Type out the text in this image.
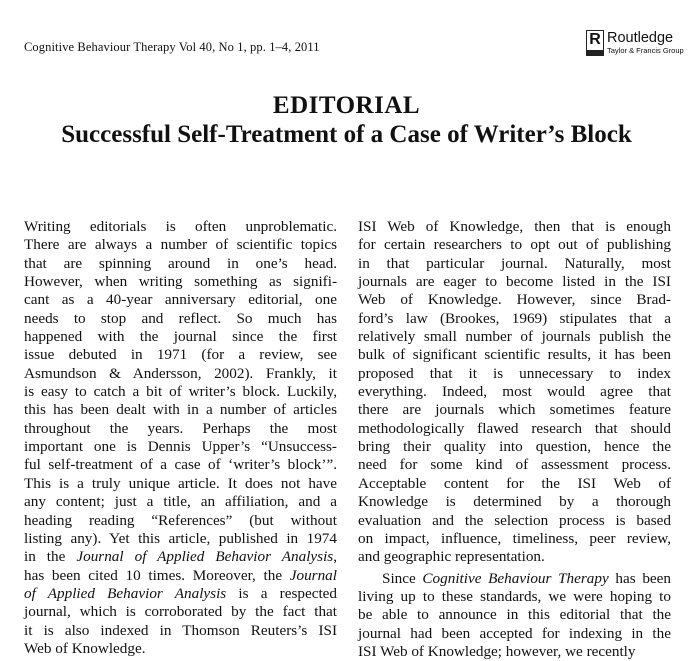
Cognitive Behaviour Therapy Vol 40, No 1, pp. 1–4, 2011	R Routledge
Taylor & Francis Group
EDITORIAL
Successful Self-Treatment of a Case of Writer’s Block
Writing editorials is often unproblematic.
There are always a number of scientific topics
that are spinning around in one’s head.
However, when writing something as signifi-
cant as a 40-year anniversary editorial, one
needs to stop and reflect. So much has
happened with the journal since the first
issue debuted in 1971 (for a review, see
Asmundson & Andersson, 2002). Frankly, it
is easy to catch a bit of writer’s block. Luckily,
this has been dealt with in a number of articles
throughout the years. Perhaps the most
important one is Dennis Upper’s “Unsuccess-
ful self-treatment of a case of ‘writer’s block’”.
This is a truly unique article. It does not have
any content; just a title, an affiliation, and a
heading reading “References” (but without
listing any). Yet this article, published in 1974
in the Journal of Applied Behavior Analysis,
has been cited 10 times. Moreover, the Journal
of Applied Behavior Analysis is a respected
journal, which is corroborated by the fact that
it is also indexed in Thomson Reuters’s ISI
Web of Knowledge.
ISI Web of Knowledge, then that is enough
for certain researchers to opt out of publishing
in that particular journal. Naturally, most
journals are eager to become listed in the ISI
Web of Knowledge. However, since Brad-
ford’s law (Brookes, 1969) stipulates that a
relatively small number of journals publish the
bulk of significant scientific results, it has been
proposed that it is unnecessary to index
everything. Indeed, most would agree that
there are journals which sometimes feature
methodologically flawed research that should
bring their quality into question, hence the
need for some kind of assessment process.
Acceptable content for the ISI Web of
Knowledge is determined by a thorough
evaluation and the selection process is based
on impact, influence, timeliness, peer review,
and geographic representation.
Since Cognitive Behaviour Therapy has been
living up to these standards, we were hoping to
be able to announce in this editorial that the
journal had been accepted for indexing in the
ISI Web of Knowledge; however, we recently
